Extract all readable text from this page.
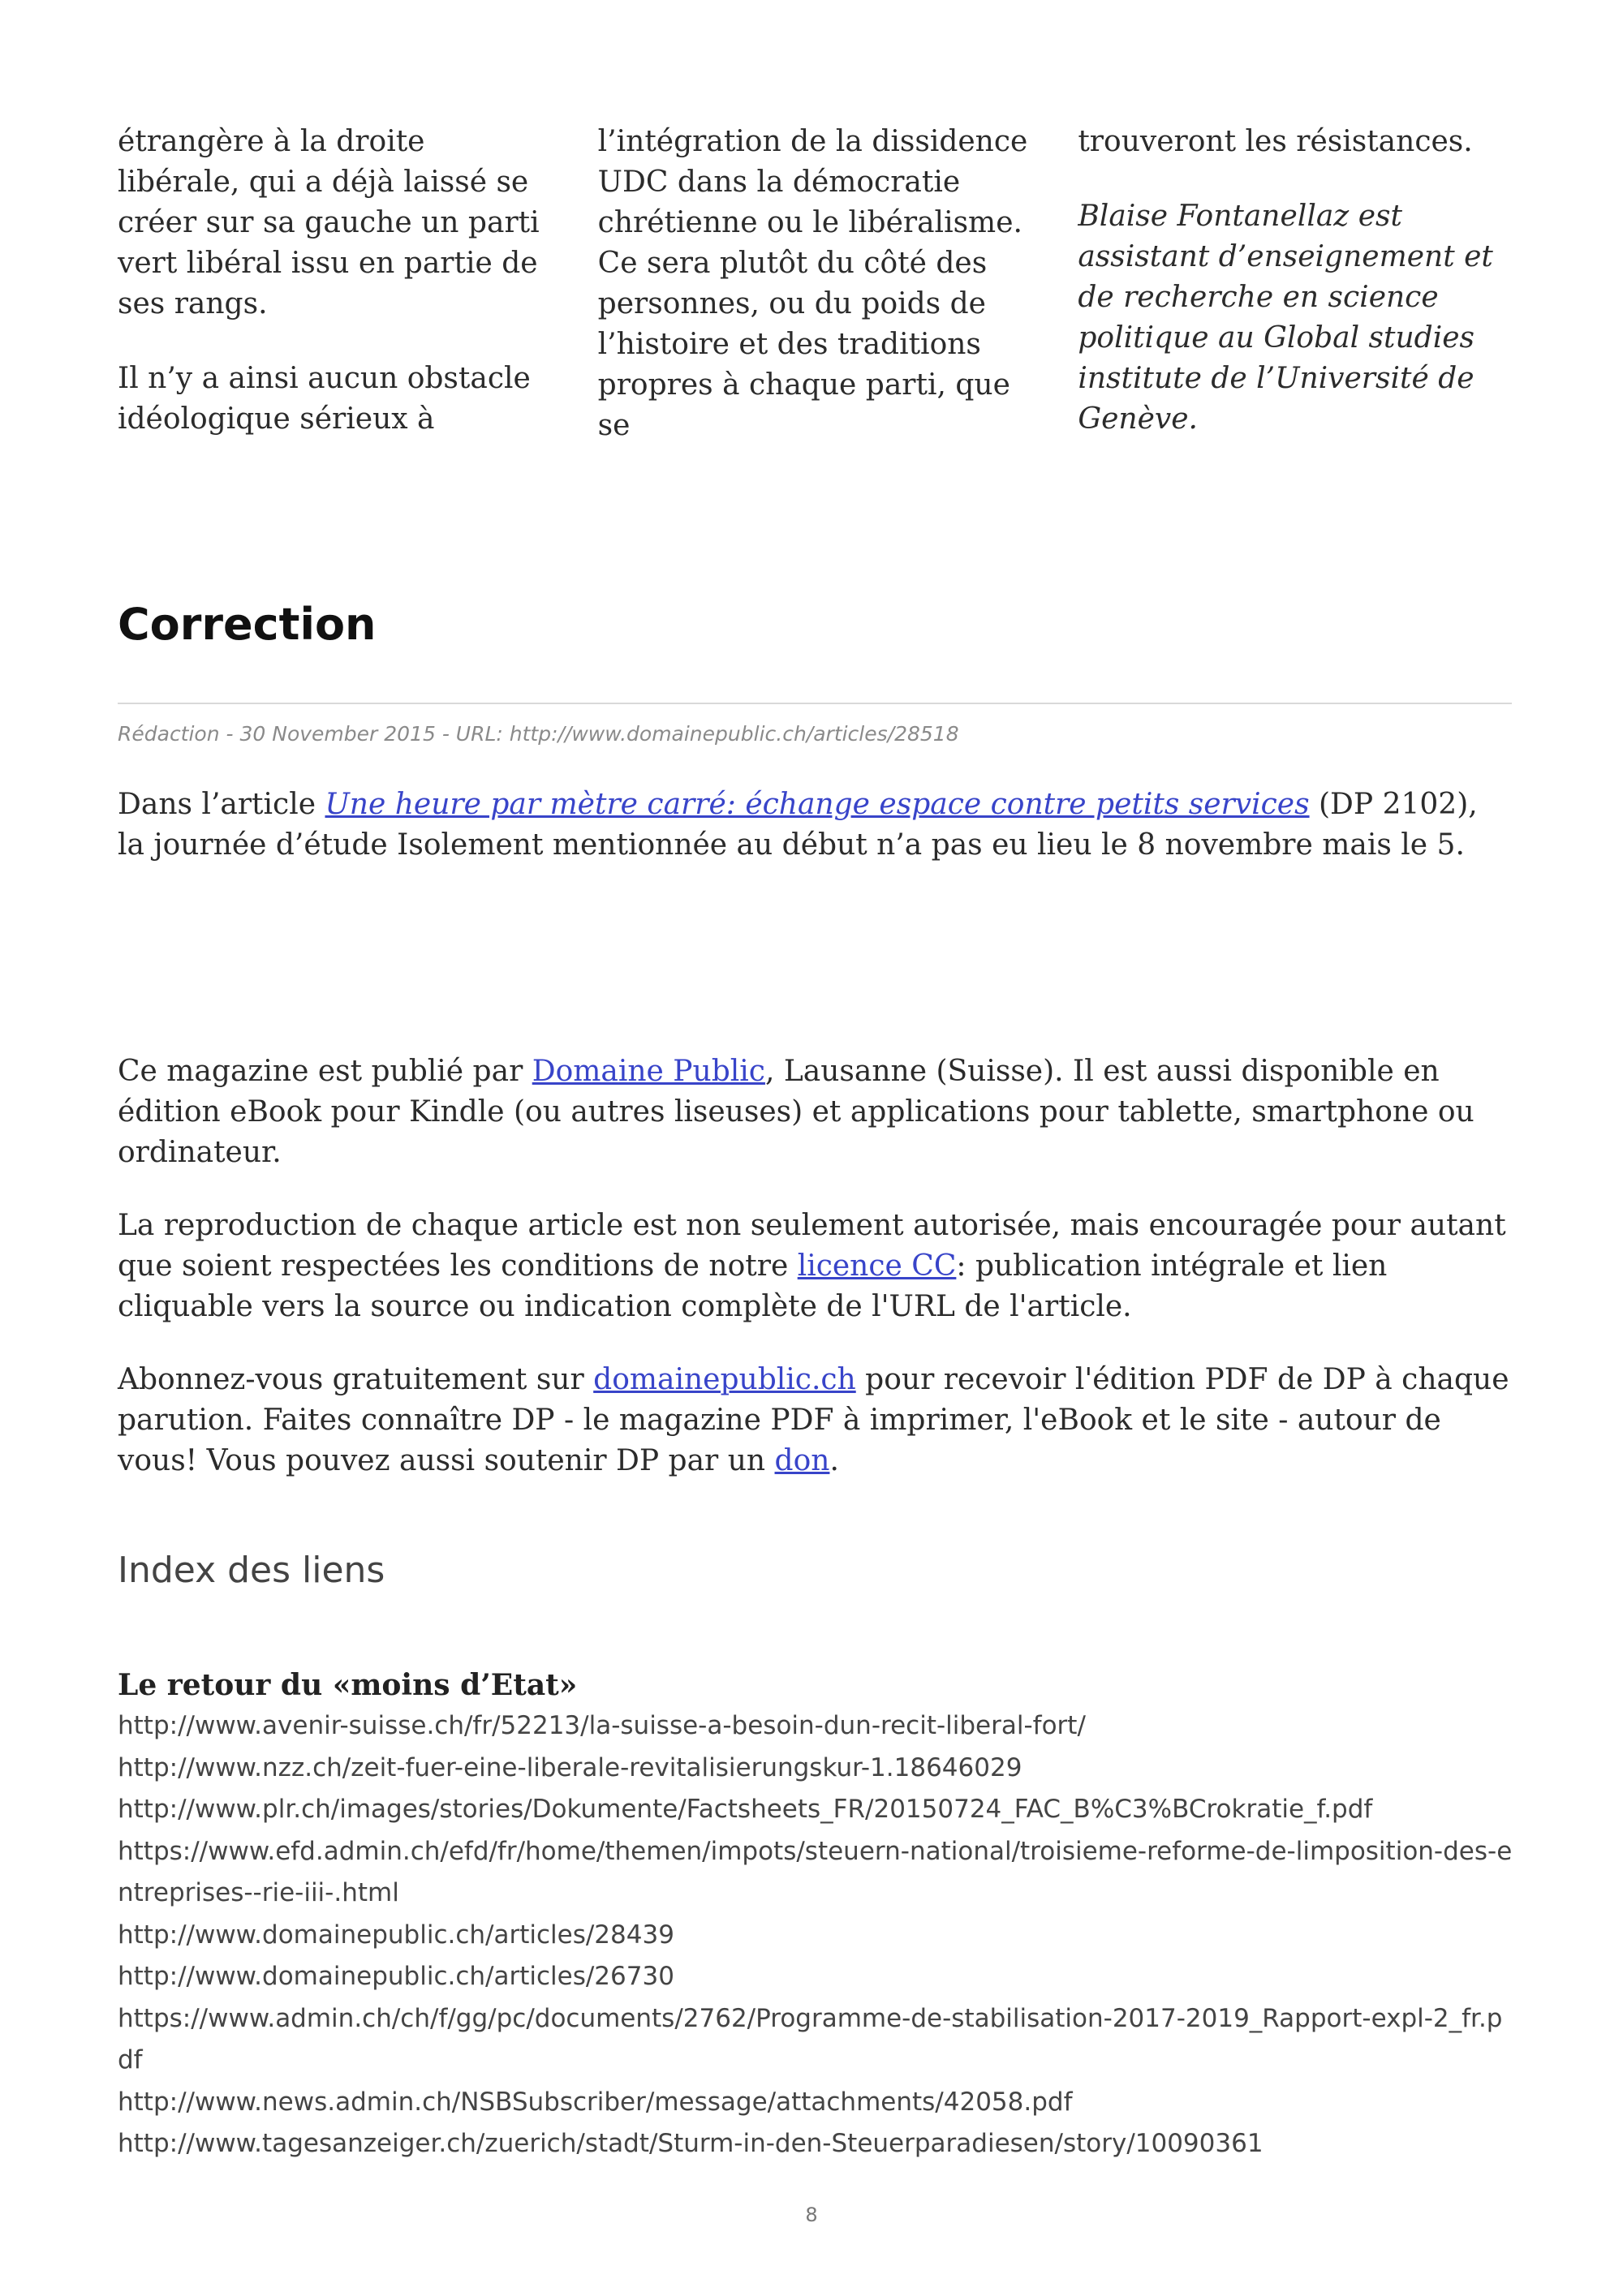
étrangère à la droite libérale, qui a déjà laissé se créer sur sa gauche un parti vert libéral issu en partie de ses rangs.

Il n’y a ainsi aucun obstacle idéologique sérieux à

l’intégration de la dissidence UDC dans la démocratie chrétienne ou le libéralisme. Ce sera plutôt du côté des personnes, ou du poids de l’histoire et des traditions propres à chaque parti, que se

trouveront les résistances.

Blaise Fontanellaz est assistant d’enseignement et de recherche en science politique au Global studies institute de l’Université de Genève.

Correction

Rédaction - 30 November 2015 - URL: http://www.domainepublic.ch/articles/28518

Dans l’article Une heure par mètre carré: échange espace contre petits services (DP 2102), la journée d’étude Isolement mentionnée au début n’a pas eu lieu le 8 novembre mais le 5.

Ce magazine est publié par Domaine Public, Lausanne (Suisse). Il est aussi disponible en édition eBook pour Kindle (ou autres liseuses) et applications pour tablette, smartphone ou ordinateur.

La reproduction de chaque article est non seulement autorisée, mais encouragée pour autant que soient respectées les conditions de notre licence CC: publication intégrale et lien cliquable vers la source ou indication complète de l'URL de l'article.

Abonnez-vous gratuitement sur domainepublic.ch pour recevoir l'édition PDF de DP à chaque parution. Faites connaître DP - le magazine PDF à imprimer, l'eBook et le site - autour de vous! Vous pouvez aussi soutenir DP par un don.

Index des liens

Le retour du «moins d’Etat»

http://www.avenir-suisse.ch/fr/52213/la-suisse-a-besoin-dun-recit-liberal-fort/
http://www.nzz.ch/zeit-fuer-eine-liberale-revitalisierungskur-1.18646029
http://www.plr.ch/images/stories/Dokumente/Factsheets_FR/20150724_FAC_B%C3%BCrokratie_f.pdf
https://www.efd.admin.ch/efd/fr/home/themen/impots/steuern-national/troisieme-reforme-de-limposition-des-entreprises--rie-iii-.html
http://www.domainepublic.ch/articles/28439
http://www.domainepublic.ch/articles/26730
https://www.admin.ch/ch/f/gg/pc/documents/2762/Programme-de-stabilisation-2017-2019_Rapport-expl-2_fr.pdf
http://www.news.admin.ch/NSBSubscriber/message/attachments/42058.pdf
http://www.tagesanzeiger.ch/zuerich/stadt/Sturm-in-den-Steuerparadiesen/story/10090361
8
